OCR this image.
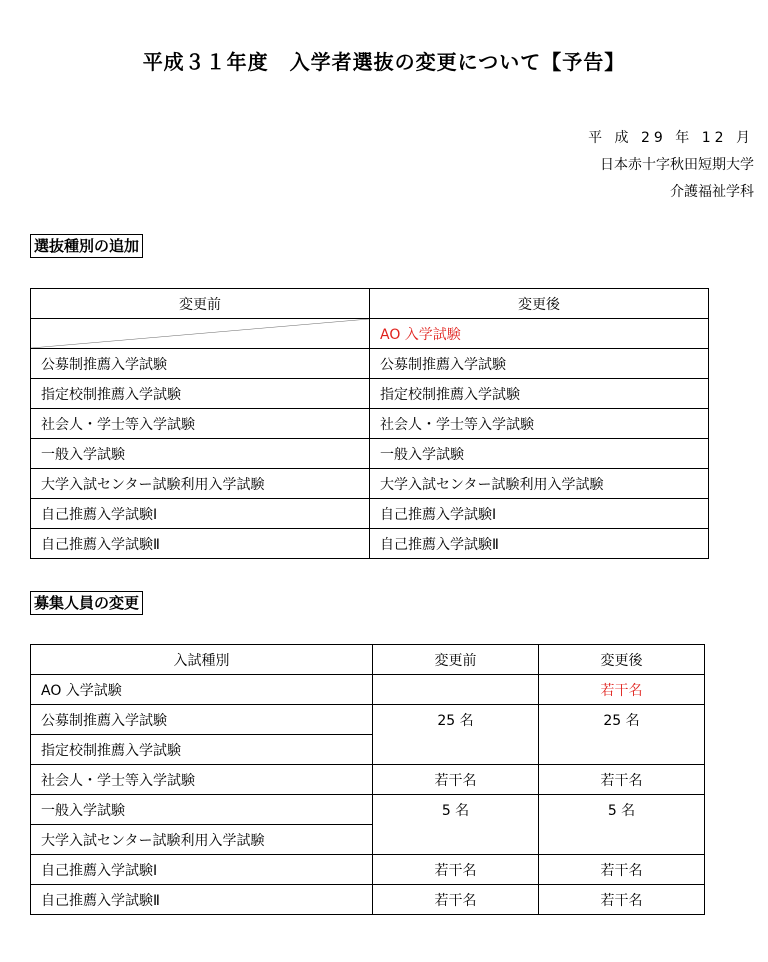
平成３１年度　入学者選抜の変更について【予告】
平 成 29 年 12 月
日本赤十字秋田短期大学
介護福祉学科
選抜種別の追加
変更前	変更後

	AO 入学試験
公募制推薦入学試験	公募制推薦入学試験
指定校制推薦入学試験	指定校制推薦入学試験
社会人・学士等入学試験	社会人・学士等入学試験
一般入学試験	一般入学試験
大学入試センター試験利用入学試験	大学入試センター試験利用入学試験
自己推薦入学試験Ⅰ	自己推薦入学試験Ⅰ
自己推薦入学試験Ⅱ	自己推薦入学試験Ⅱ
募集人員の変更
入試種別	変更前	変更後
AO 入学試験		若干名
公募制推薦入学試験	25 名	25 名
指定校制推薦入学試験		
社会人・学士等入学試験	若干名	若干名
一般入学試験	5 名	5 名
大学入試センター試験利用入学試験		
自己推薦入学試験Ⅰ	若干名	若干名
自己推薦入学試験Ⅱ	若干名	若干名
